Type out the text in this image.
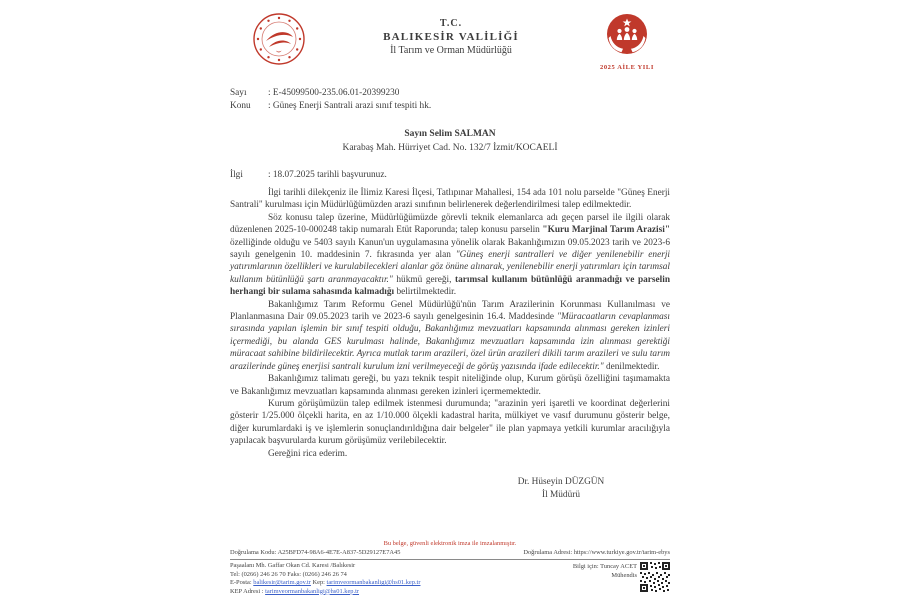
T.C.
BALIKESİR VALİLİĞİ
İl Tarım ve Orman Müdürlüğü
2025 AİLE YILI
Sayı	: E-45099500-235.06.01-20399230
Konu	: Güneş Enerji Santrali arazi sınıf tespiti hk.
Sayın Selim SALMAN
Karabaş Mah. Hürriyet Cad. No. 132/7 İzmit/KOCAELİ
İlgi	: 18.07.2025 tarihli başvurunuz.

İlgi tarihli dilekçeniz ile İlimiz Karesi İlçesi, Tatlıpınar Mahallesi, 154 ada 101 nolu parselde "Güneş Enerji Santrali" kurulması için Müdürlüğümüzden arazi sınıfının belirlenerek değerlendirilmesi talep edilmektedir.

Söz konusu talep üzerine, Müdürlüğümüzde görevli teknik elemanlarca adı geçen parsel ile ilgili olarak düzenlenen 2025-10-000248 takip numaralı Etüt Raporunda; talep konusu parselin "Kuru Marjinal Tarım Arazisi" özelliğinde olduğu ve 5403 sayılı Kanun'un uygulamasına yönelik olarak Bakanlığımızın 09.05.2023 tarih ve 2023-6 sayılı genelgenin 10. maddesinin 7. fıkrasında yer alan "Güneş enerji santralleri ve diğer yenilenebilir enerji yatırımlarının özellikleri ve kurulabilecekleri alanlar göz önüne alınarak, yenilenebilir enerji yatırımları için tarımsal kullanım bütünlüğü şartı aranmayacaktır." hükmü gereği, tarımsal kullanım bütünlüğü aranmadığı ve parselin herhangi bir sulama sahasında kalmadığı belirtilmektedir.

Bakanlığımız Tarım Reformu Genel Müdürlüğü'nün Tarım Arazilerinin Korunması Kullanılması ve Planlanmasına Dair 09.05.2023 tarih ve 2023-6 sayılı genelgesinin 16.4. Maddesinde "Müracaatların cevaplanması sırasında yapılan işlemin bir sınıf tespiti olduğu, Bakanlığımız mevzuatları kapsamında alınması gereken izinleri içermediği, bu alanda GES kurulması halinde, Bakanlığımız mevzuatları kapsamında izin alınması gerektiği müracaat sahibine bildirilecektir. Ayrıca mutlak tarım arazileri, özel ürün arazileri dikili tarım arazileri ve sulu tarım arazilerinde güneş enerjisi santrali kurulum izni verilmeyeceği de görüş yazısında ifade edilecektir." denilmektedir.

Bakanlığımız talimatı gereği, bu yazı teknik tespit niteliğinde olup, Kurum görüşü özelliğini taşımamakta ve Bakanlığımız mevzuatları kapsamında alınması gereken izinleri içermemektedir.

Kurum görüşümüzün talep edilmek istenmesi durumunda; "arazinin yeri işaretli ve koordinat değerlerini gösterir 1/25.000 ölçekli harita, en az 1/10.000 ölçekli kadastral harita, mülkiyet ve vasıf durumunu gösterir belge, diğer kurumlardaki iş ve işlemlerin sonuçlandırıldığına dair belgeler" ile plan yapmaya yetkili kurumlar aracılığıyla yapılacak başvurularda kurum görüşümüz verilebilecektir.

Gereğini rica ederim.

Dr. Hüseyin DÜZGÜN
İl Müdürü
Bu belge, güvenli elektronik imza ile imzalanmıştır.
Doğrulama Kodu: A25BFD74-98A6-4E7E-A837-5D29127E7A45	Doğrulama Adresi: https://www.turkiye.gov.tr/tarim-ebys
Paşaalanı Mh. Gaffar Okan Cd. Karesi /Balıkesir
Tel: (0266) 246 26 70 Faks: (0266) 246 26 74
E-Posta: balikesir@tarim.gov.tr Kep: tarimveormanbakanligi@hs01.kep.tr
KEP Adresi : tarimveormanbakanligi@hs01.kep.tr
Bilgi için: Tuncay ACET
Mühendis
